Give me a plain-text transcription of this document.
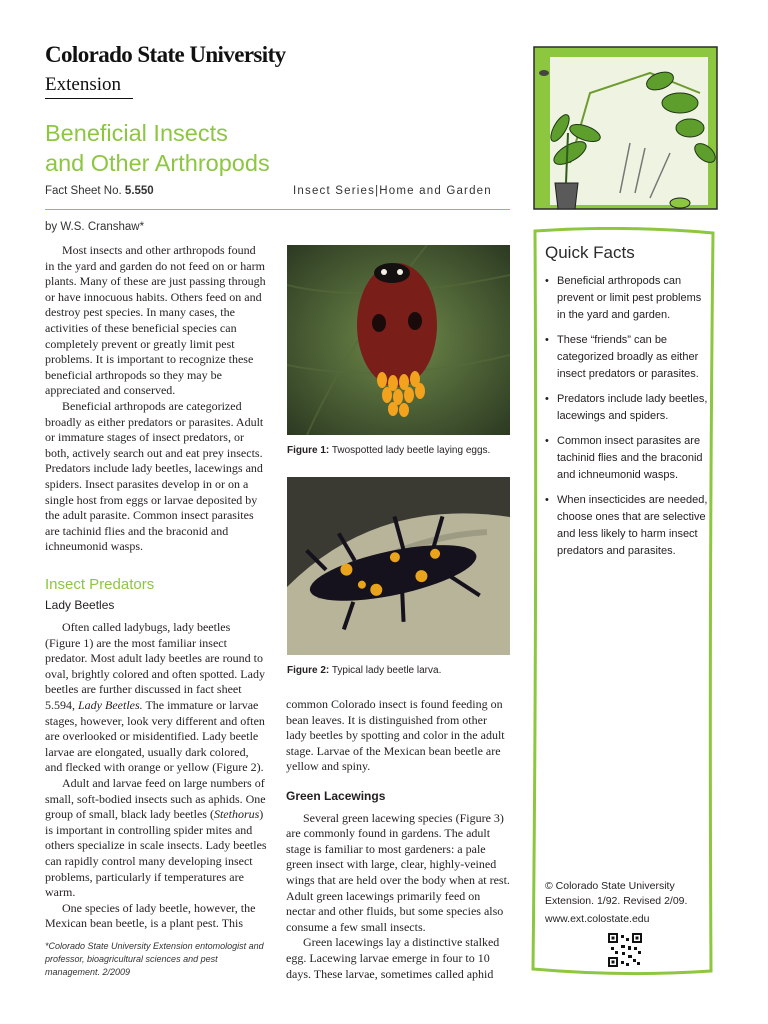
Colorado State University
Extension
Beneficial Insects
and Other Arthropods
Fact Sheet No. 5.550	Insect Series|Home and Garden
by W.S. Cranshaw*

Most insects and other arthropods found in the yard and garden do not feed on or harm plants. Many of these are just passing through or have innocuous habits. Others feed on and destroy pest species. In many cases, the activities of these beneficial species can completely prevent or greatly limit pest problems. It is important to recognize these beneficial arthropods so they may be appreciated and conserved.

Beneficial arthropods are categorized broadly as either predators or parasites. Adult or immature stages of insect predators, or both, actively search out and eat prey insects. Predators include lady beetles, lacewings and spiders. Insect parasites develop in or on a single host from eggs or larvae deposited by the adult parasite. Common insect parasites are tachinid flies and the braconid and ichneumonid wasps.

Insect Predators
Lady Beetles

Often called ladybugs, lady beetles (Figure 1) are the most familiar insect predator. Most adult lady beetles are round to oval, brightly colored and often spotted. Lady beetles are further discussed in fact sheet 5.594, Lady Beetles. The immature or larvae stages, however, look very different and often are overlooked or misidentified. Lady beetle larvae are elongated, usually dark colored, and flecked with orange or yellow (Figure 2).

Adult and larvae feed on large numbers of small, soft-bodied insects such as aphids. One group of small, black lady beetles (Stethorus) is important in controlling spider mites and others specialize in scale insects. Lady beetles can rapidly control many developing insect problems, particularly if temperatures are warm.

One species of lady beetle, however, the Mexican bean beetle, is a plant pest. This

*Colorado State University Extension entomologist and professor, bioagricultural sciences and pest management. 2/2009
Figure 1: Twospotted lady beetle laying eggs.
Figure 2: Typical lady beetle larva.
common Colorado insect is found feeding on bean leaves. It is distinguished from other lady beetles by spotting and color in the adult stage. Larvae of the Mexican bean beetle are yellow and spiny.
Green Lacewings

Several green lacewing species (Figure 3) are commonly found in gardens. The adult stage is familiar to most gardeners: a pale green insect with large, clear, highly-veined wings that are held over the body when at rest. Adult green lacewings primarily feed on nectar and other fluids, but some species also consume a few small insects.

Green lacewings lay a distinctive stalked egg. Lacewing larvae emerge in four to 10 days. These larvae, sometimes called aphid

Quick Facts
• Beneficial arthropods can prevent or limit pest problems in the yard and garden.
• These “friends” can be categorized broadly as either insect predators or parasites.
• Predators include lady beetles, lacewings and spiders.
• Common insect parasites are tachinid flies and the braconid and ichneumonid wasps.
• When insecticides are needed, choose ones that are selective and less likely to harm insect predators and parasites.
© Colorado State University Extension. 1/92. Revised 2/09.
www.ext.colostate.edu
